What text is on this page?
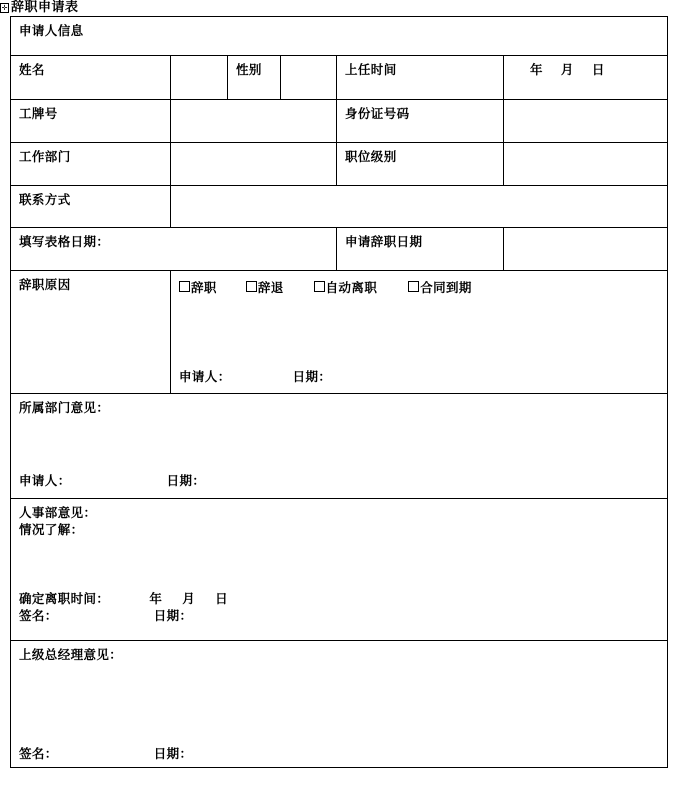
✛ 辞职申请表
申请人信息					
姓名		性别		上任时间	年 月 日
工牌号				身份证号码	
工作部门				职位级别	
联系方式					
填写表格日期：				申请辞职日期	
辞职原因	辞职 辞退 自动离职 合同到期
申请人： 日期：				

所属部门意见：
申请人： 日期：					

人事部意见：
情况了解：
确定离职时间： 年 月 日
签名： 日期：					

上级总经理意见：
签名： 日期：					
